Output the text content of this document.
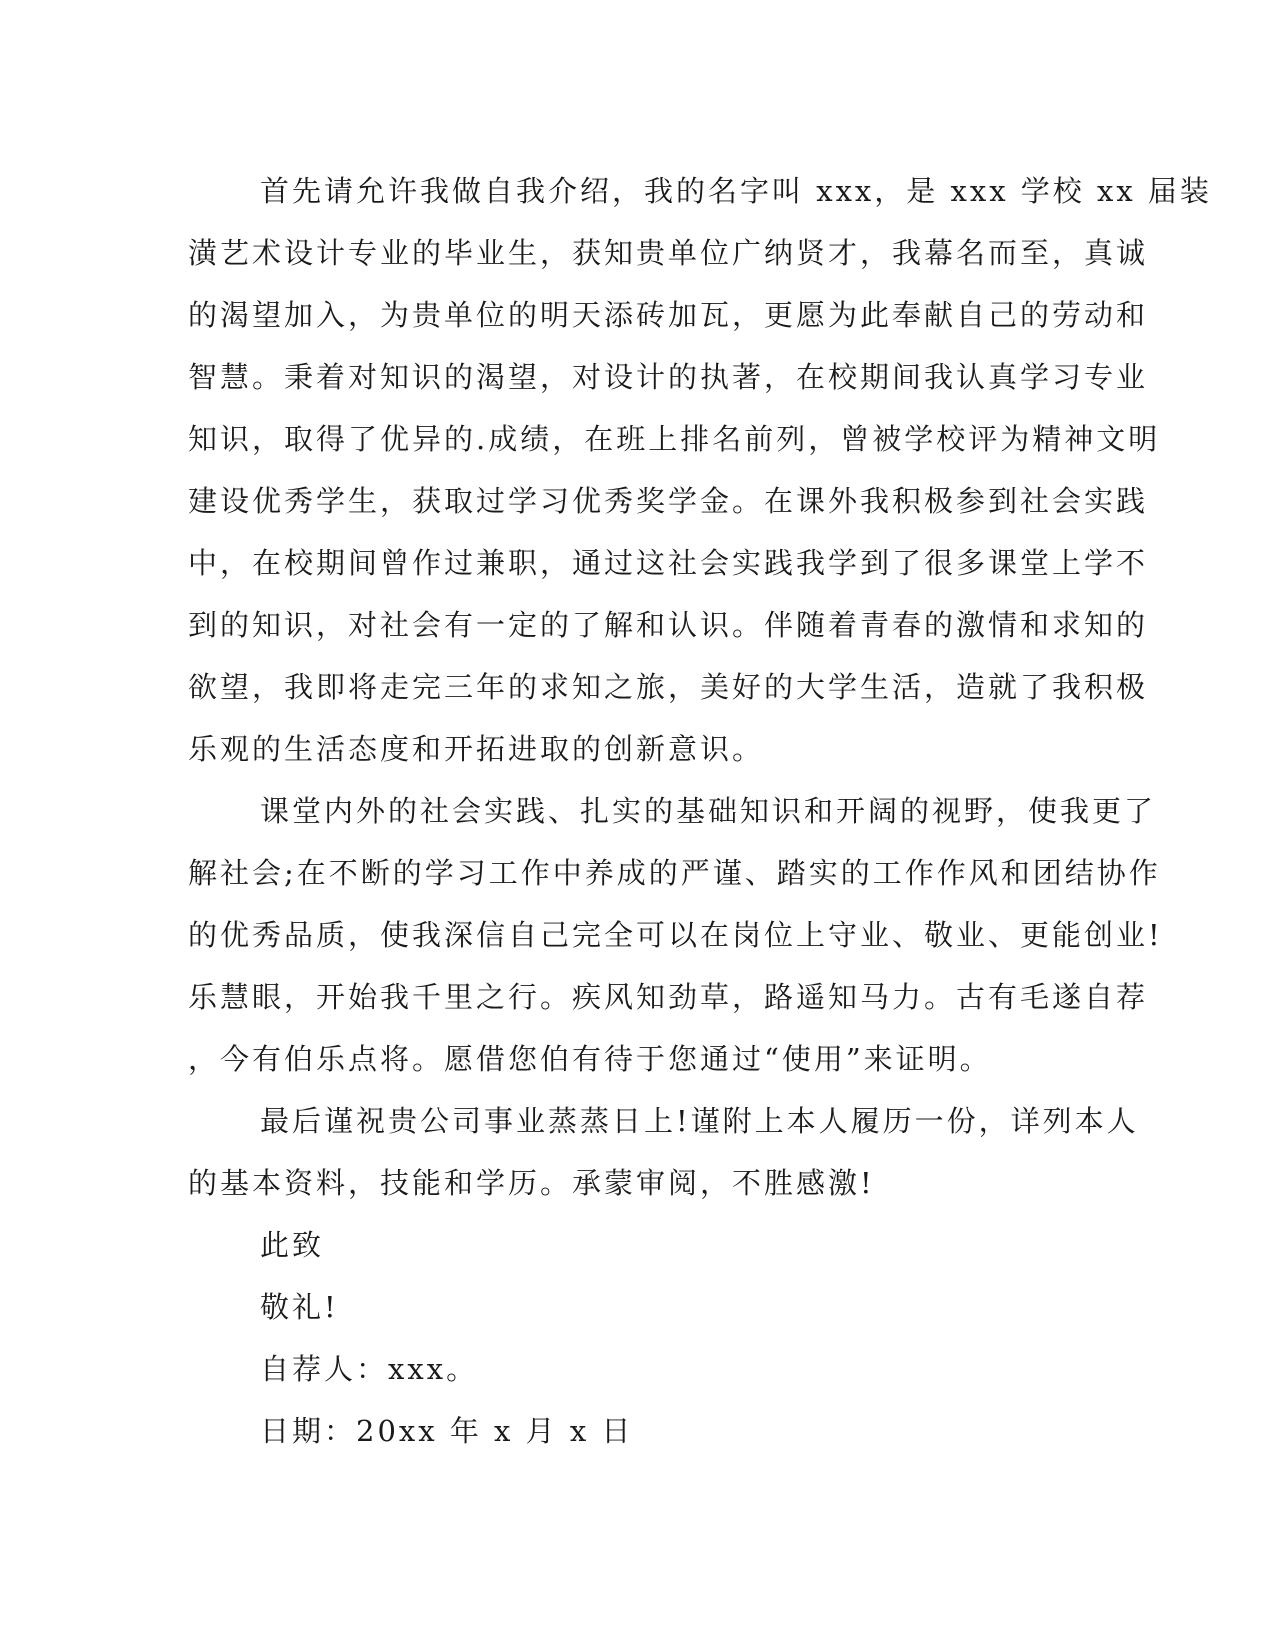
首先请允许我做自我介绍，我的名字叫 xxx，是 xxx 学校 xx 届装
潢艺术设计专业的毕业生，获知贵单位广纳贤才，我幕名而至，真诚
的渴望加入，为贵单位的明天添砖加瓦，更愿为此奉献自己的劳动和
智慧。秉着对知识的渴望，对设计的执著，在校期间我认真学习专业
知识，取得了优异的.成绩，在班上排名前列，曾被学校评为精神文明
建设优秀学生，获取过学习优秀奖学金。在课外我积极参到社会实践
中，在校期间曾作过兼职，通过这社会实践我学到了很多课堂上学不
到的知识，对社会有一定的了解和认识。伴随着青春的激情和求知的
欲望，我即将走完三年的求知之旅，美好的大学生活，造就了我积极
乐观的生活态度和开拓进取的创新意识。
课堂内外的社会实践、扎实的基础知识和开阔的视野，使我更了
解社会;在不断的学习工作中养成的严谨、踏实的工作作风和团结协作
的优秀品质，使我深信自己完全可以在岗位上守业、敬业、更能创业!
乐慧眼，开始我千里之行。疾风知劲草，路遥知马力。古有毛遂自荐
，今有伯乐点将。愿借您伯有待于您通过“使用”来证明。
最后谨祝贵公司事业蒸蒸日上!谨附上本人履历一份，详列本人
的基本资料，技能和学历。承蒙审阅，不胜感激!
此致
敬礼!
自荐人：xxx。
日期：20xx 年 x 月 x 日
